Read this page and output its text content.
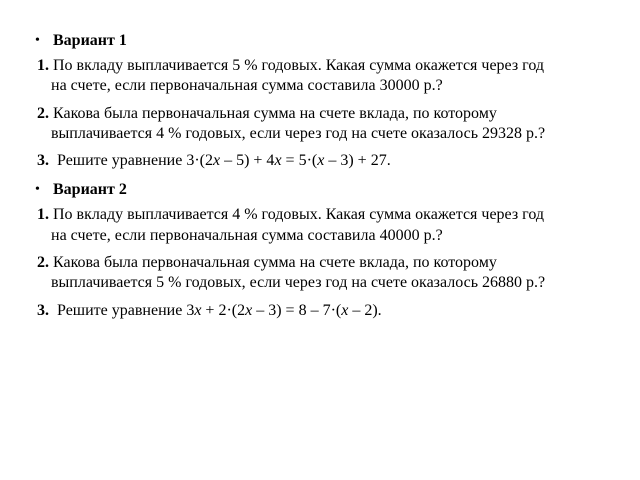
• Вариант 1
1. По вкладу выплачивается 5 % годовых. Какая сумма окажется через год
на счете, если первоначальная сумма составила 30000 р.?
2. Какова была первоначальная сумма на счете вклада, по которому
выплачивается 4 % годовых, если через год на счете оказалось 29328 р.?
3. Решите уравнение 3·(2x – 5) + 4x = 5·(x – 3) + 27.
• Вариант 2
1. По вкладу выплачивается 4 % годовых. Какая сумма окажется через год
на счете, если первоначальная сумма составила 40000 р.?
2. Какова была первоначальная сумма на счете вклада, по которому
выплачивается 5 % годовых, если через год на счете оказалось 26880 р.?
3. Решите уравнение 3x + 2·(2x – 3) = 8 – 7·(x – 2).
